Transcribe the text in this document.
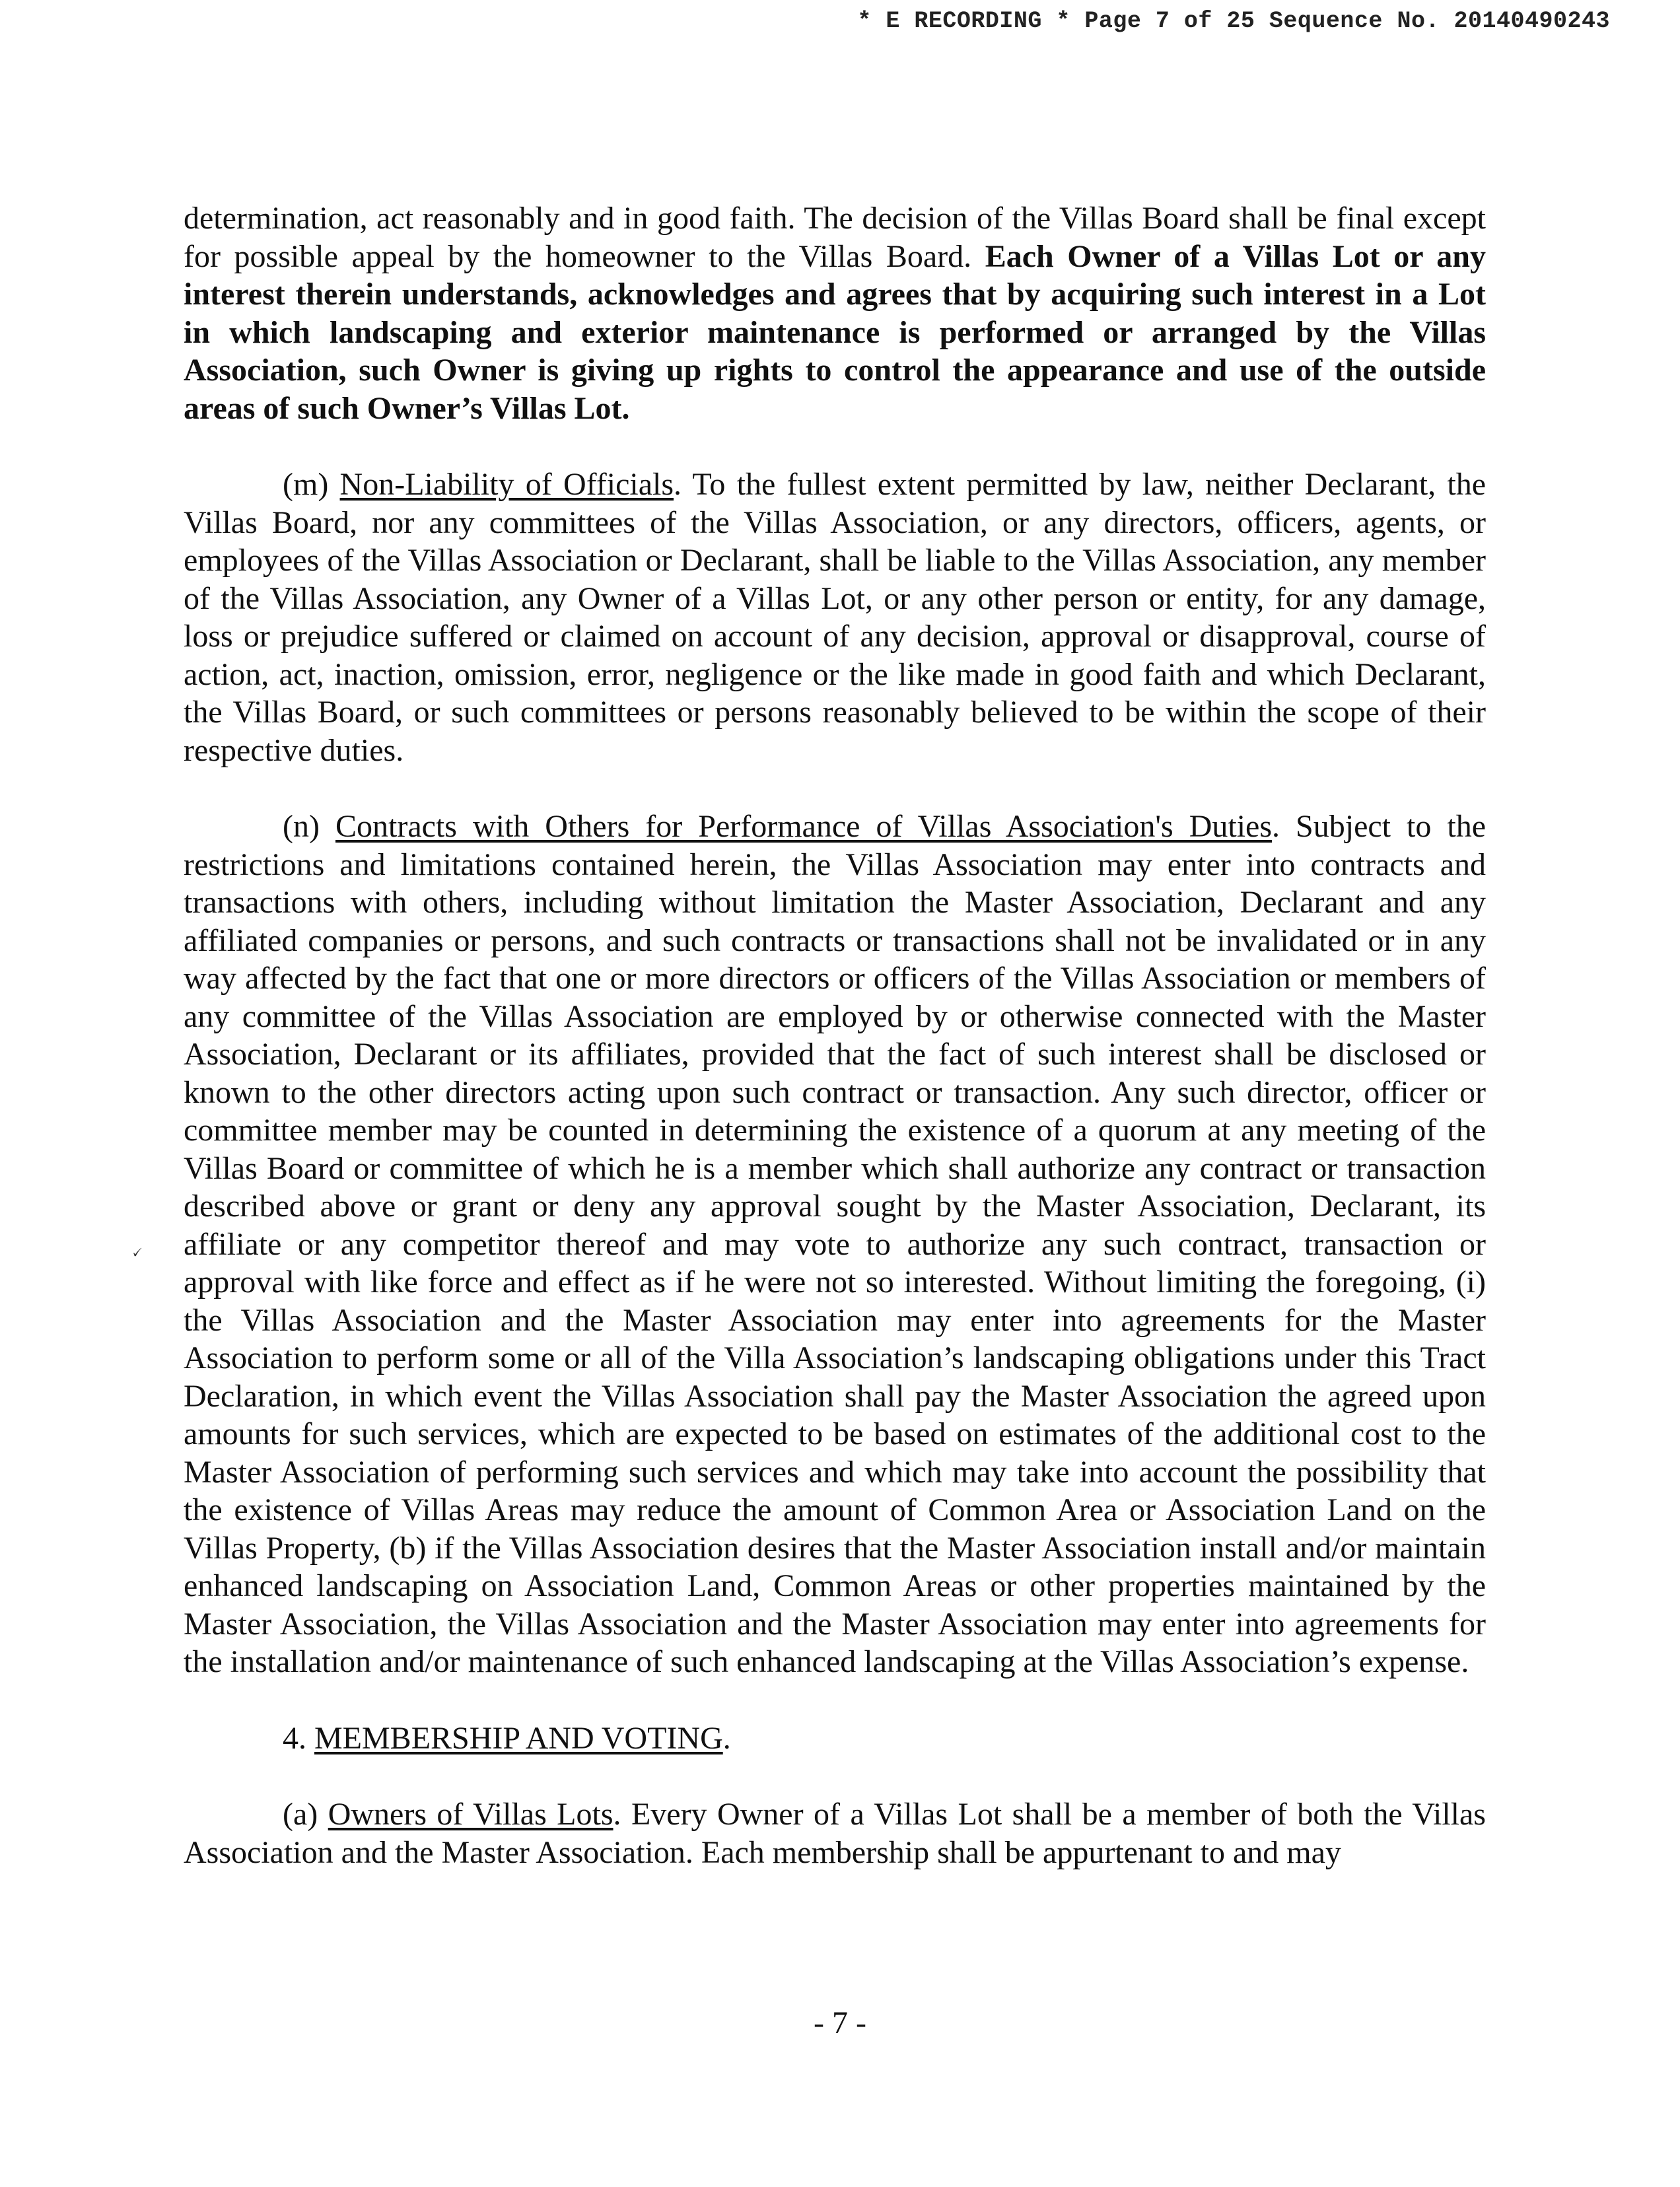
* E RECORDING * Page 7 of 25 Sequence No. 20140490243
🗸

determination, act reasonably and in good faith. The decision of the Villas Board shall be final except for possible appeal by the homeowner to the Villas Board. Each Owner of a Villas Lot or any interest therein understands, acknowledges and agrees that by acquiring such interest in a Lot in which landscaping and exterior maintenance is performed or arranged by the Villas Association, such Owner is giving up rights to control the appearance and use of the outside areas of such Owner’s Villas Lot.

(m) Non-Liability of Officials. To the fullest extent permitted by law, neither Declarant, the Villas Board, nor any committees of the Villas Association, or any directors, officers, agents, or employees of the Villas Association or Declarant, shall be liable to the Villas Association, any member of the Villas Association, any Owner of a Villas Lot, or any other person or entity, for any damage, loss or prejudice suffered or claimed on account of any decision, approval or disapproval, course of action, act, inaction, omission, error, negligence or the like made in good faith and which Declarant, the Villas Board, or such committees or persons reasonably believed to be within the scope of their respective duties.

(n) Contracts with Others for Performance of Villas Association's Duties. Subject to the restrictions and limitations contained herein, the Villas Association may enter into contracts and transactions with others, including without limitation the Master Association, Declarant and any affiliated companies or persons, and such contracts or transactions shall not be invalidated or in any way affected by the fact that one or more directors or officers of the Villas Association or members of any committee of the Villas Association are employed by or otherwise connected with the Master Association, Declarant or its affiliates, provided that the fact of such interest shall be disclosed or known to the other directors acting upon such contract or transaction. Any such director, officer or committee member may be counted in determining the existence of a quorum at any meeting of the Villas Board or committee of which he is a member which shall authorize any contract or transaction described above or grant or deny any approval sought by the Master Association, Declarant, its affiliate or any competitor thereof and may vote to authorize any such contract, transaction or approval with like force and effect as if he were not so interested. Without limiting the foregoing, (i) the Villas Association and the Master Association may enter into agreements for the Master Association to perform some or all of the Villa Association’s landscaping obligations under this Tract Declaration, in which event the Villas Association shall pay the Master Association the agreed upon amounts for such services, which are expected to be based on estimates of the additional cost to the Master Association of performing such services and which may take into account the possibility that the existence of Villas Areas may reduce the amount of Common Area or Association Land on the Villas Property, (b) if the Villas Association desires that the Master Association install and/or maintain enhanced landscaping on Association Land, Common Areas or other properties maintained by the Master Association, the Villas Association and the Master Association may enter into agreements for the installation and/or maintenance of such enhanced landscaping at the Villas Association’s expense.

4. MEMBERSHIP AND VOTING.

(a) Owners of Villas Lots. Every Owner of a Villas Lot shall be a member of both the Villas Association and the Master Association. Each membership shall be appurtenant to and may

- 7 -
